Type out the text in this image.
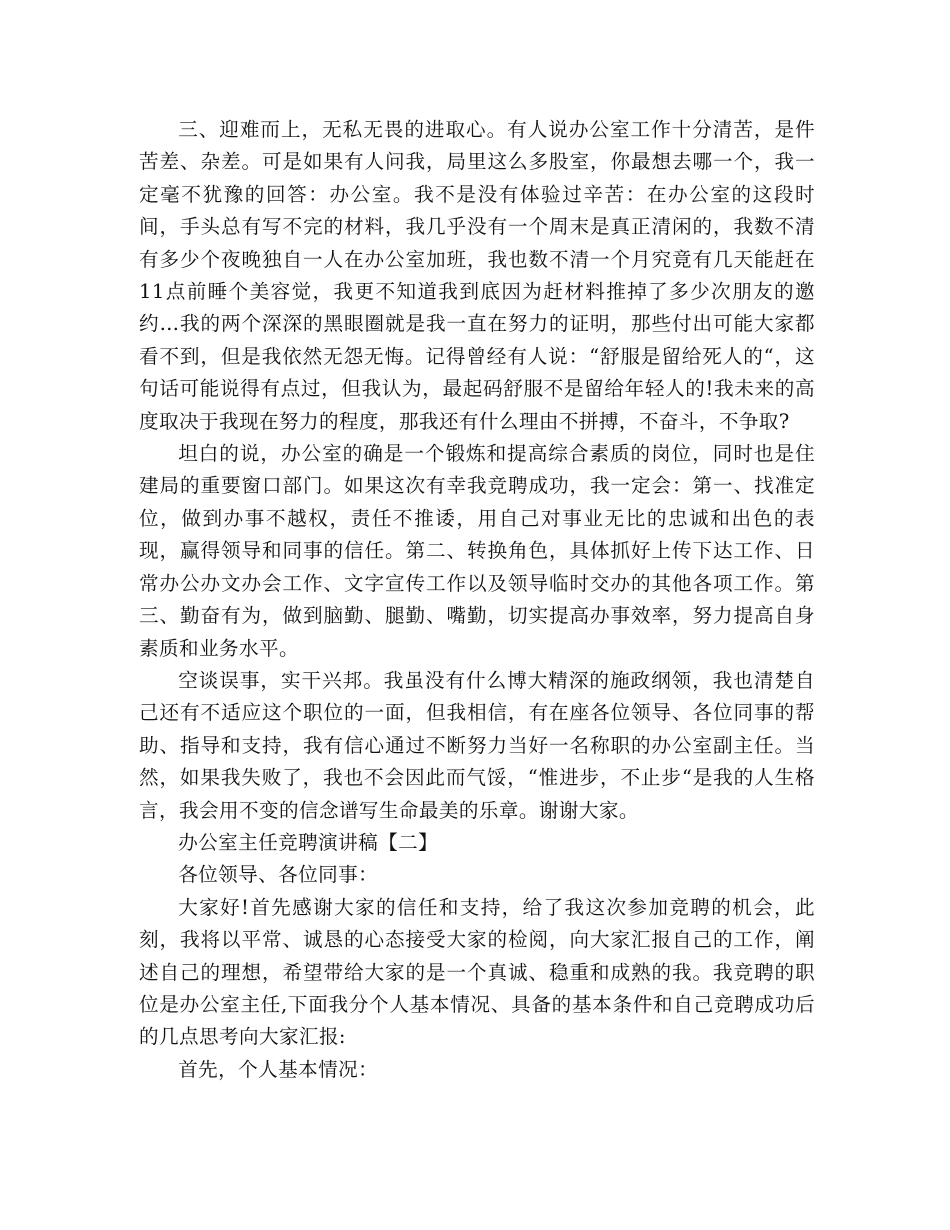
三、迎难而上，无私无畏的进取心。有人说办公室工作十分清苦，是件苦差、杂差。可是如果有人问我，局里这么多股室，你最想去哪一个，我一定毫不犹豫的回答：办公室。我不是没有体验过辛苦：在办公室的这段时间，手头总有写不完的材料，我几乎没有一个周末是真正清闲的，我数不清有多少个夜晚独自一人在办公室加班，我也数不清一个月究竟有几天能赶在11点前睡个美容觉，我更不知道我到底因为赶材料推掉了多少次朋友的邀约…我的两个深深的黑眼圈就是我一直在努力的证明，那些付出可能大家都看不到，但是我依然无怨无悔。记得曾经有人说：“舒服是留给死人的“，这句话可能说得有点过，但我认为，最起码舒服不是留给年轻人的!我未来的高度取决于我现在努力的程度，那我还有什么理由不拼搏，不奋斗，不争取?

坦白的说，办公室的确是一个锻炼和提高综合素质的岗位，同时也是住建局的重要窗口部门。如果这次有幸我竞聘成功，我一定会：第一、找准定位，做到办事不越权，责任不推诿，用自己对事业无比的忠诚和出色的表现，赢得领导和同事的信任。第二、转换角色，具体抓好上传下达工作、日常办公办文办会工作、文字宣传工作以及领导临时交办的其他各项工作。第三、勤奋有为，做到脑勤、腿勤、嘴勤，切实提高办事效率，努力提高自身素质和业务水平。

空谈误事，实干兴邦。我虽没有什么博大精深的施政纲领，我也清楚自己还有不适应这个职位的一面，但我相信，有在座各位领导、各位同事的帮助、指导和支持，我有信心通过不断努力当好一名称职的办公室副主任。当然，如果我失败了，我也不会因此而气馁，“惟进步，不止步“是我的人生格言，我会用不变的信念谱写生命最美的乐章。谢谢大家。

办公室主任竞聘演讲稿【二】

各位领导、各位同事：

大家好!首先感谢大家的信任和支持，给了我这次参加竞聘的机会，此刻，我将以平常、诚恳的心态接受大家的检阅，向大家汇报自己的工作，阐述自己的理想，希望带给大家的是一个真诚、稳重和成熟的我。我竞聘的职位是办公室主任,下面我分个人基本情况、具备的基本条件和自己竞聘成功后的几点思考向大家汇报:

首先，个人基本情况：
